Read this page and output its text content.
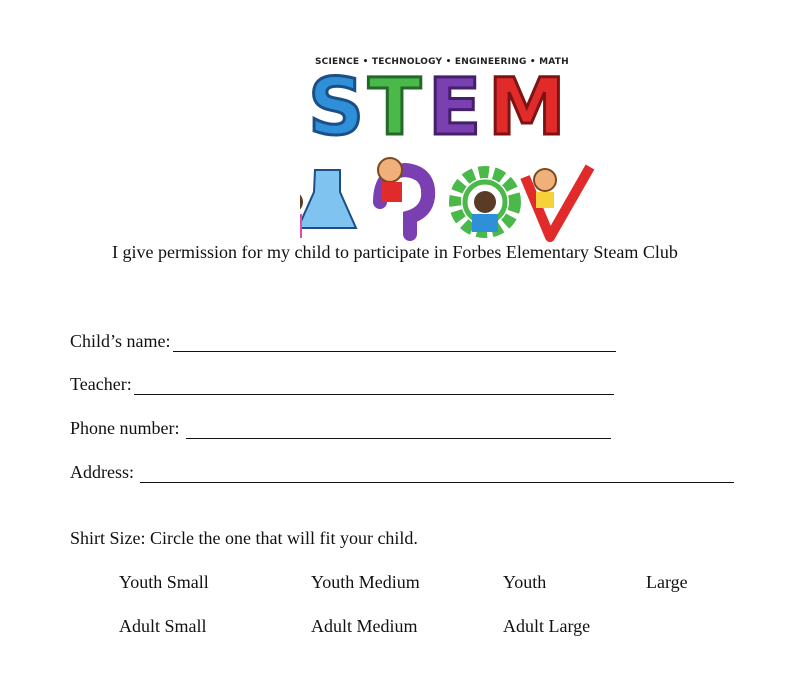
SCIENCE • TECHNOLOGY • ENGINEERING • MATH
S T E M
I give permission for my child to participate in Forbes Elementary Steam Club
Child’s name:
Teacher:
Phone number:
Address:
Shirt Size: Circle the one that will fit your child.
Youth Small	Youth Medium	Youth	Large
Adult Small	Adult Medium	Adult Large
